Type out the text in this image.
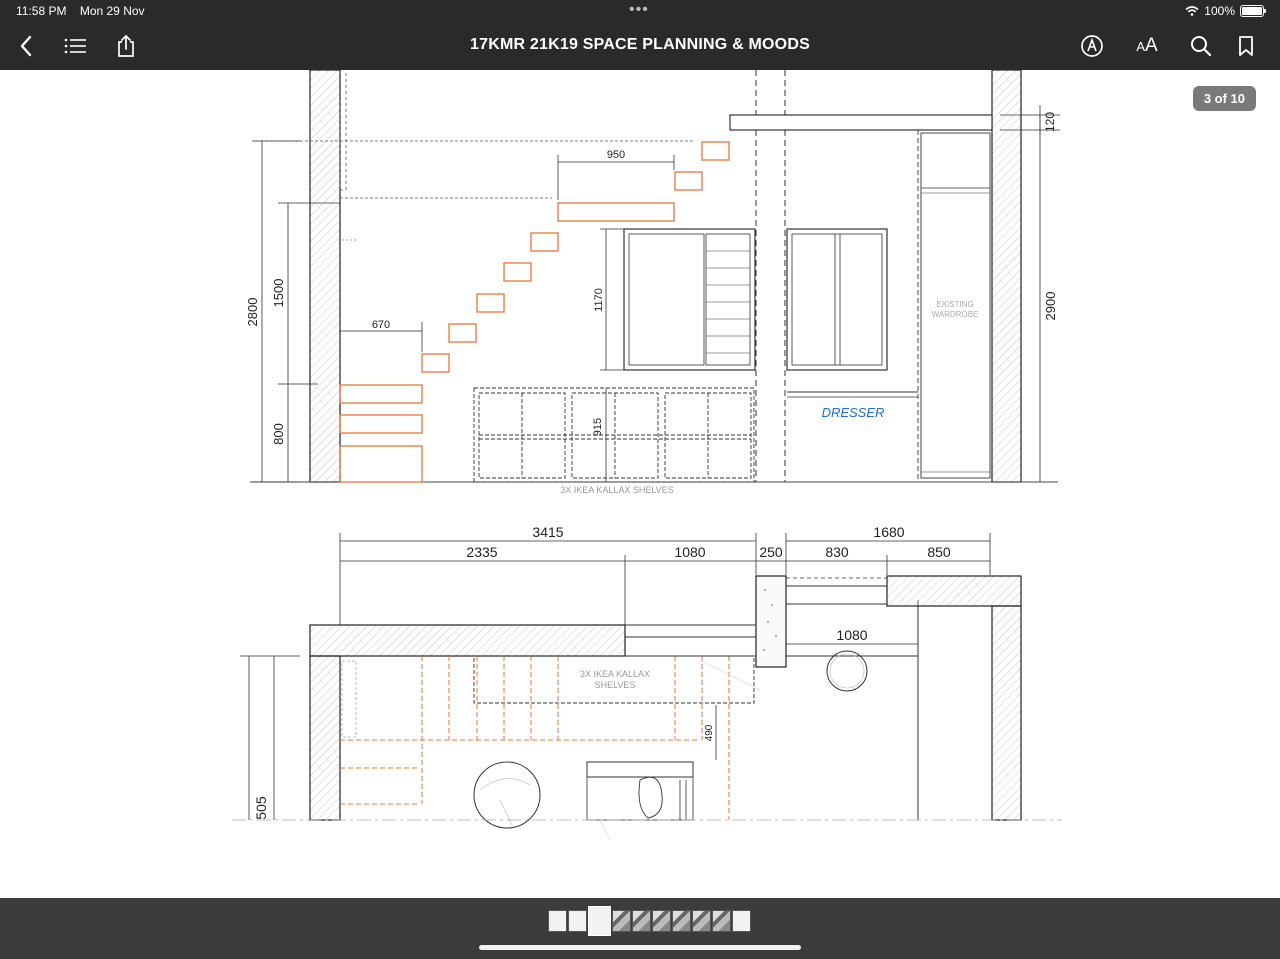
11:58 PM Mon 29 Nov	•••	100%
17KMR 21K19 SPACE PLANNING & MOODS	A A
DRESSER
EXISTING
WARDROBE
3X IKEA KALLAX SHELVES
950
670
1170
915
2800
1500
800
2900
120
3415	1680
2335	1080	250	830	850
1080
490
505
3X IKEA KALLAX
SHELVES
3 of 10
